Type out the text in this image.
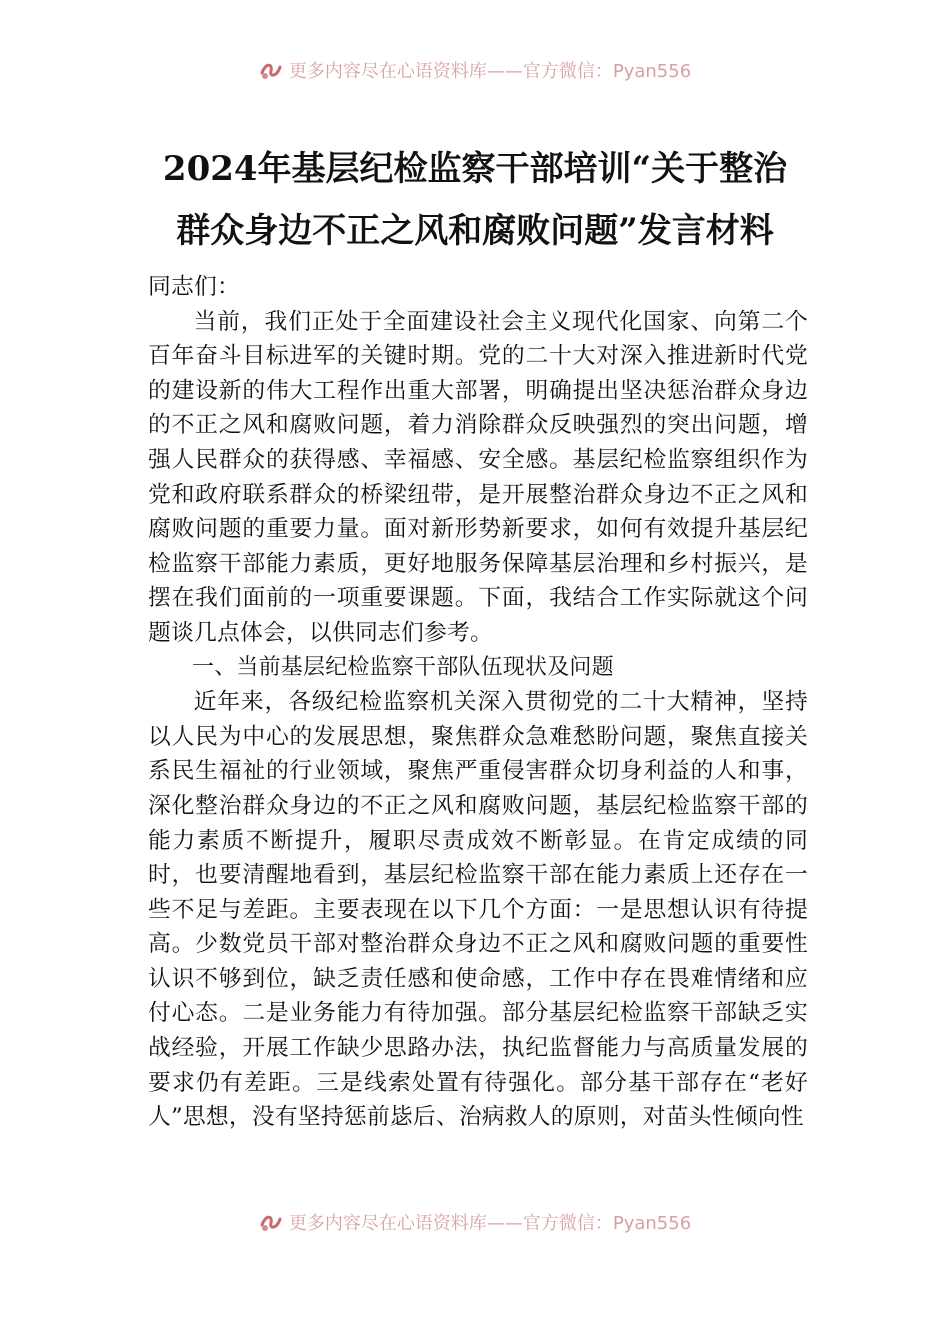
更多内容尽在心语资料库——官方微信：Pyan556
2024年基层纪检监察干部培训“关于整治
群众身边不正之风和腐败问题”发言材料

同志们：

当前，我们正处于全面建设社会主义现代化国家、向第二个百年奋斗目标进军的关键时期。党的二十大对深入推进新时代党的建设新的伟大工程作出重大部署，明确提出坚决惩治群众身边的不正之风和腐败问题，着力消除群众反映强烈的突出问题，增强人民群众的获得感、幸福感、安全感。基层纪检监察组织作为党和政府联系群众的桥梁纽带，是开展整治群众身边不正之风和腐败问题的重要力量。面对新形势新要求，如何有效提升基层纪检监察干部能力素质，更好地服务保障基层治理和乡村振兴，是摆在我们面前的一项重要课题。下面，我结合工作实际就这个问题谈几点体会，以供同志们参考。

一、当前基层纪检监察干部队伍现状及问题

近年来，各级纪检监察机关深入贯彻党的二十大精神，坚持以人民为中心的发展思想，聚焦群众急难愁盼问题，聚焦直接关系民生福祉的行业领域，聚焦严重侵害群众切身利益的人和事，深化整治群众身边的不正之风和腐败问题，基层纪检监察干部的能力素质不断提升，履职尽责成效不断彰显。在肯定成绩的同时，也要清醒地看到，基层纪检监察干部在能力素质上还存在一些不足与差距。主要表现在以下几个方面：一是思想认识有待提高。少数党员干部对整治群众身边不正之风和腐败问题的重要性认识不够到位，缺乏责任感和使命感，工作中存在畏难情绪和应付心态。二是业务能力有待加强。部分基层纪检监察干部缺乏实战经验，开展工作缺少思路办法，执纪监督能力与高质量发展的要求仍有差距。三是线索处置有待强化。部分基干部存在“老好人”思想，没有坚持惩前毖后、治病救人的原则，对苗头性倾向性

更多内容尽在心语资料库——官方微信：Pyan556
